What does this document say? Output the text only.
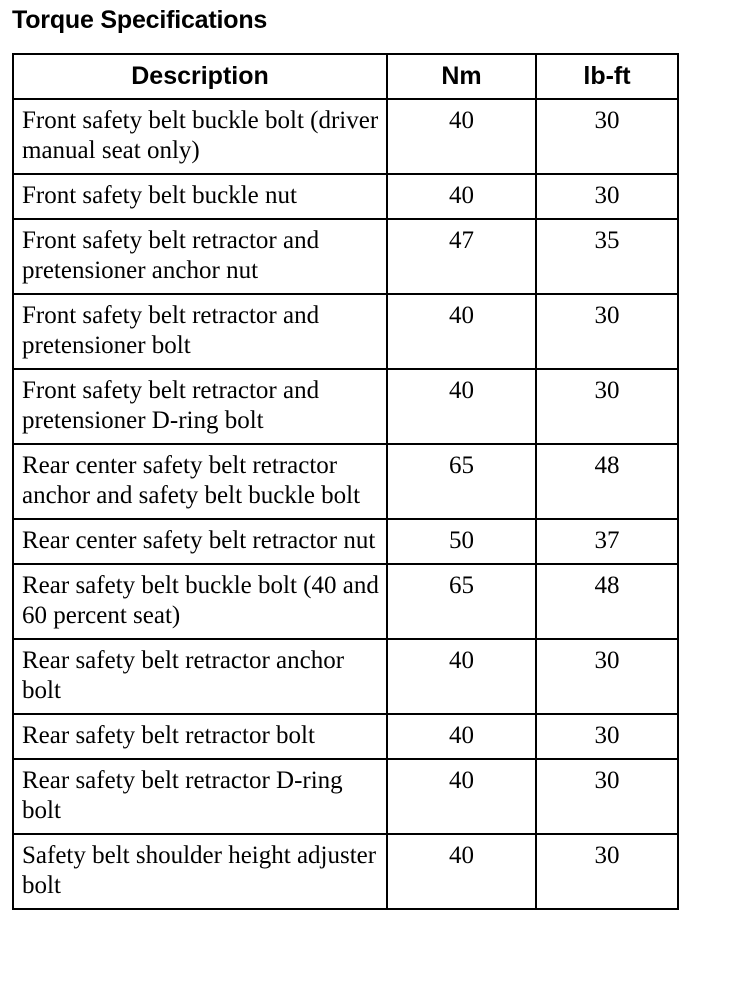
Torque Specifications
Description	Nm	lb-ft
Front safety belt buckle bolt (driver manual seat only)	40	30
Front safety belt buckle nut	40	30
Front safety belt retractor and pretensioner anchor nut	47	35
Front safety belt retractor and pretensioner bolt	40	30
Front safety belt retractor and pretensioner D-ring bolt	40	30
Rear center safety belt retractor anchor and safety belt buckle bolt	65	48
Rear center safety belt retractor nut	50	37
Rear safety belt buckle bolt (40 and 60 percent seat)	65	48
Rear safety belt retractor anchor bolt	40	30
Rear safety belt retractor bolt	40	30
Rear safety belt retractor D-ring bolt	40	30
Safety belt shoulder height adjuster bolt	40	30
